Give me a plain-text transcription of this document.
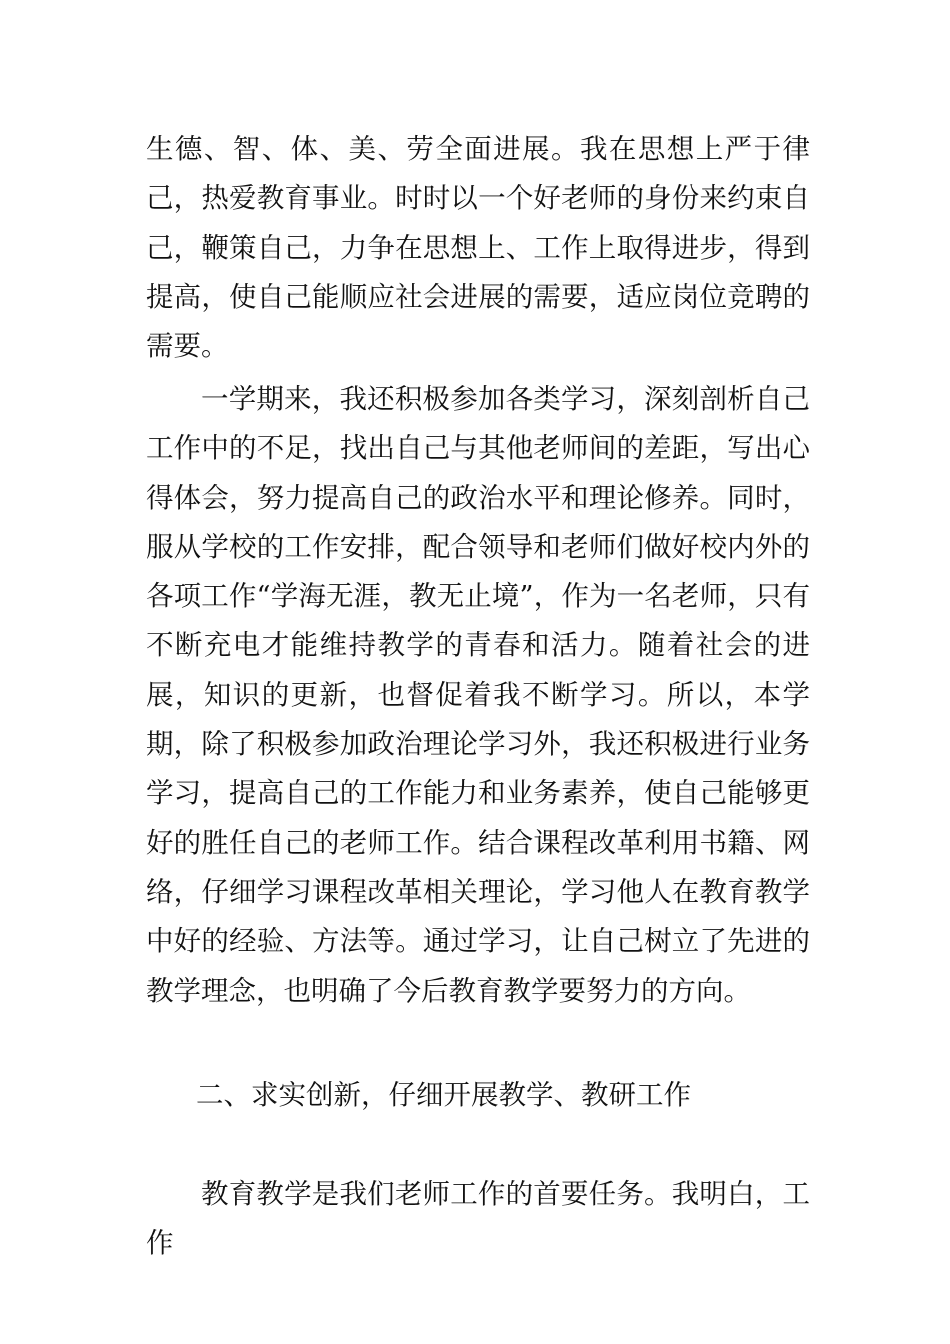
生德、智、体、美、劳全面进展。我在思想上严于律己，热爱教育事业。时时以一个好老师的身份来约束自己，鞭策自己，力争在思想上、工作上取得进步，得到提高，使自己能顺应社会进展的需要，适应岗位竞聘的需要。

一学期来，我还积极参加各类学习，深刻剖析自己工作中的不足，找出自己与其他老师间的差距，写出心得体会，努力提高自己的政治水平和理论修养。同时，服从学校的工作安排，配合领导和老师们做好校内外的各项工作“学海无涯，教无止境”，作为一名老师，只有不断充电才能维持教学的青春和活力。随着社会的进展，知识的更新，也督促着我不断学习。所以，本学期，除了积极参加政治理论学习外，我还积极进行业务学习，提高自己的工作能力和业务素养，使自己能够更好的胜任自己的老师工作。结合课程改革利用书籍、网络，仔细学习课程改革相关理论，学习他人在教育教学中好的经验、方法等。通过学习，让自己树立了先进的教学理念，也明确了今后教育教学要努力的方向。

二、求实创新，仔细开展教学、教研工作

教育教学是我们老师工作的首要任务。我明白，工作
